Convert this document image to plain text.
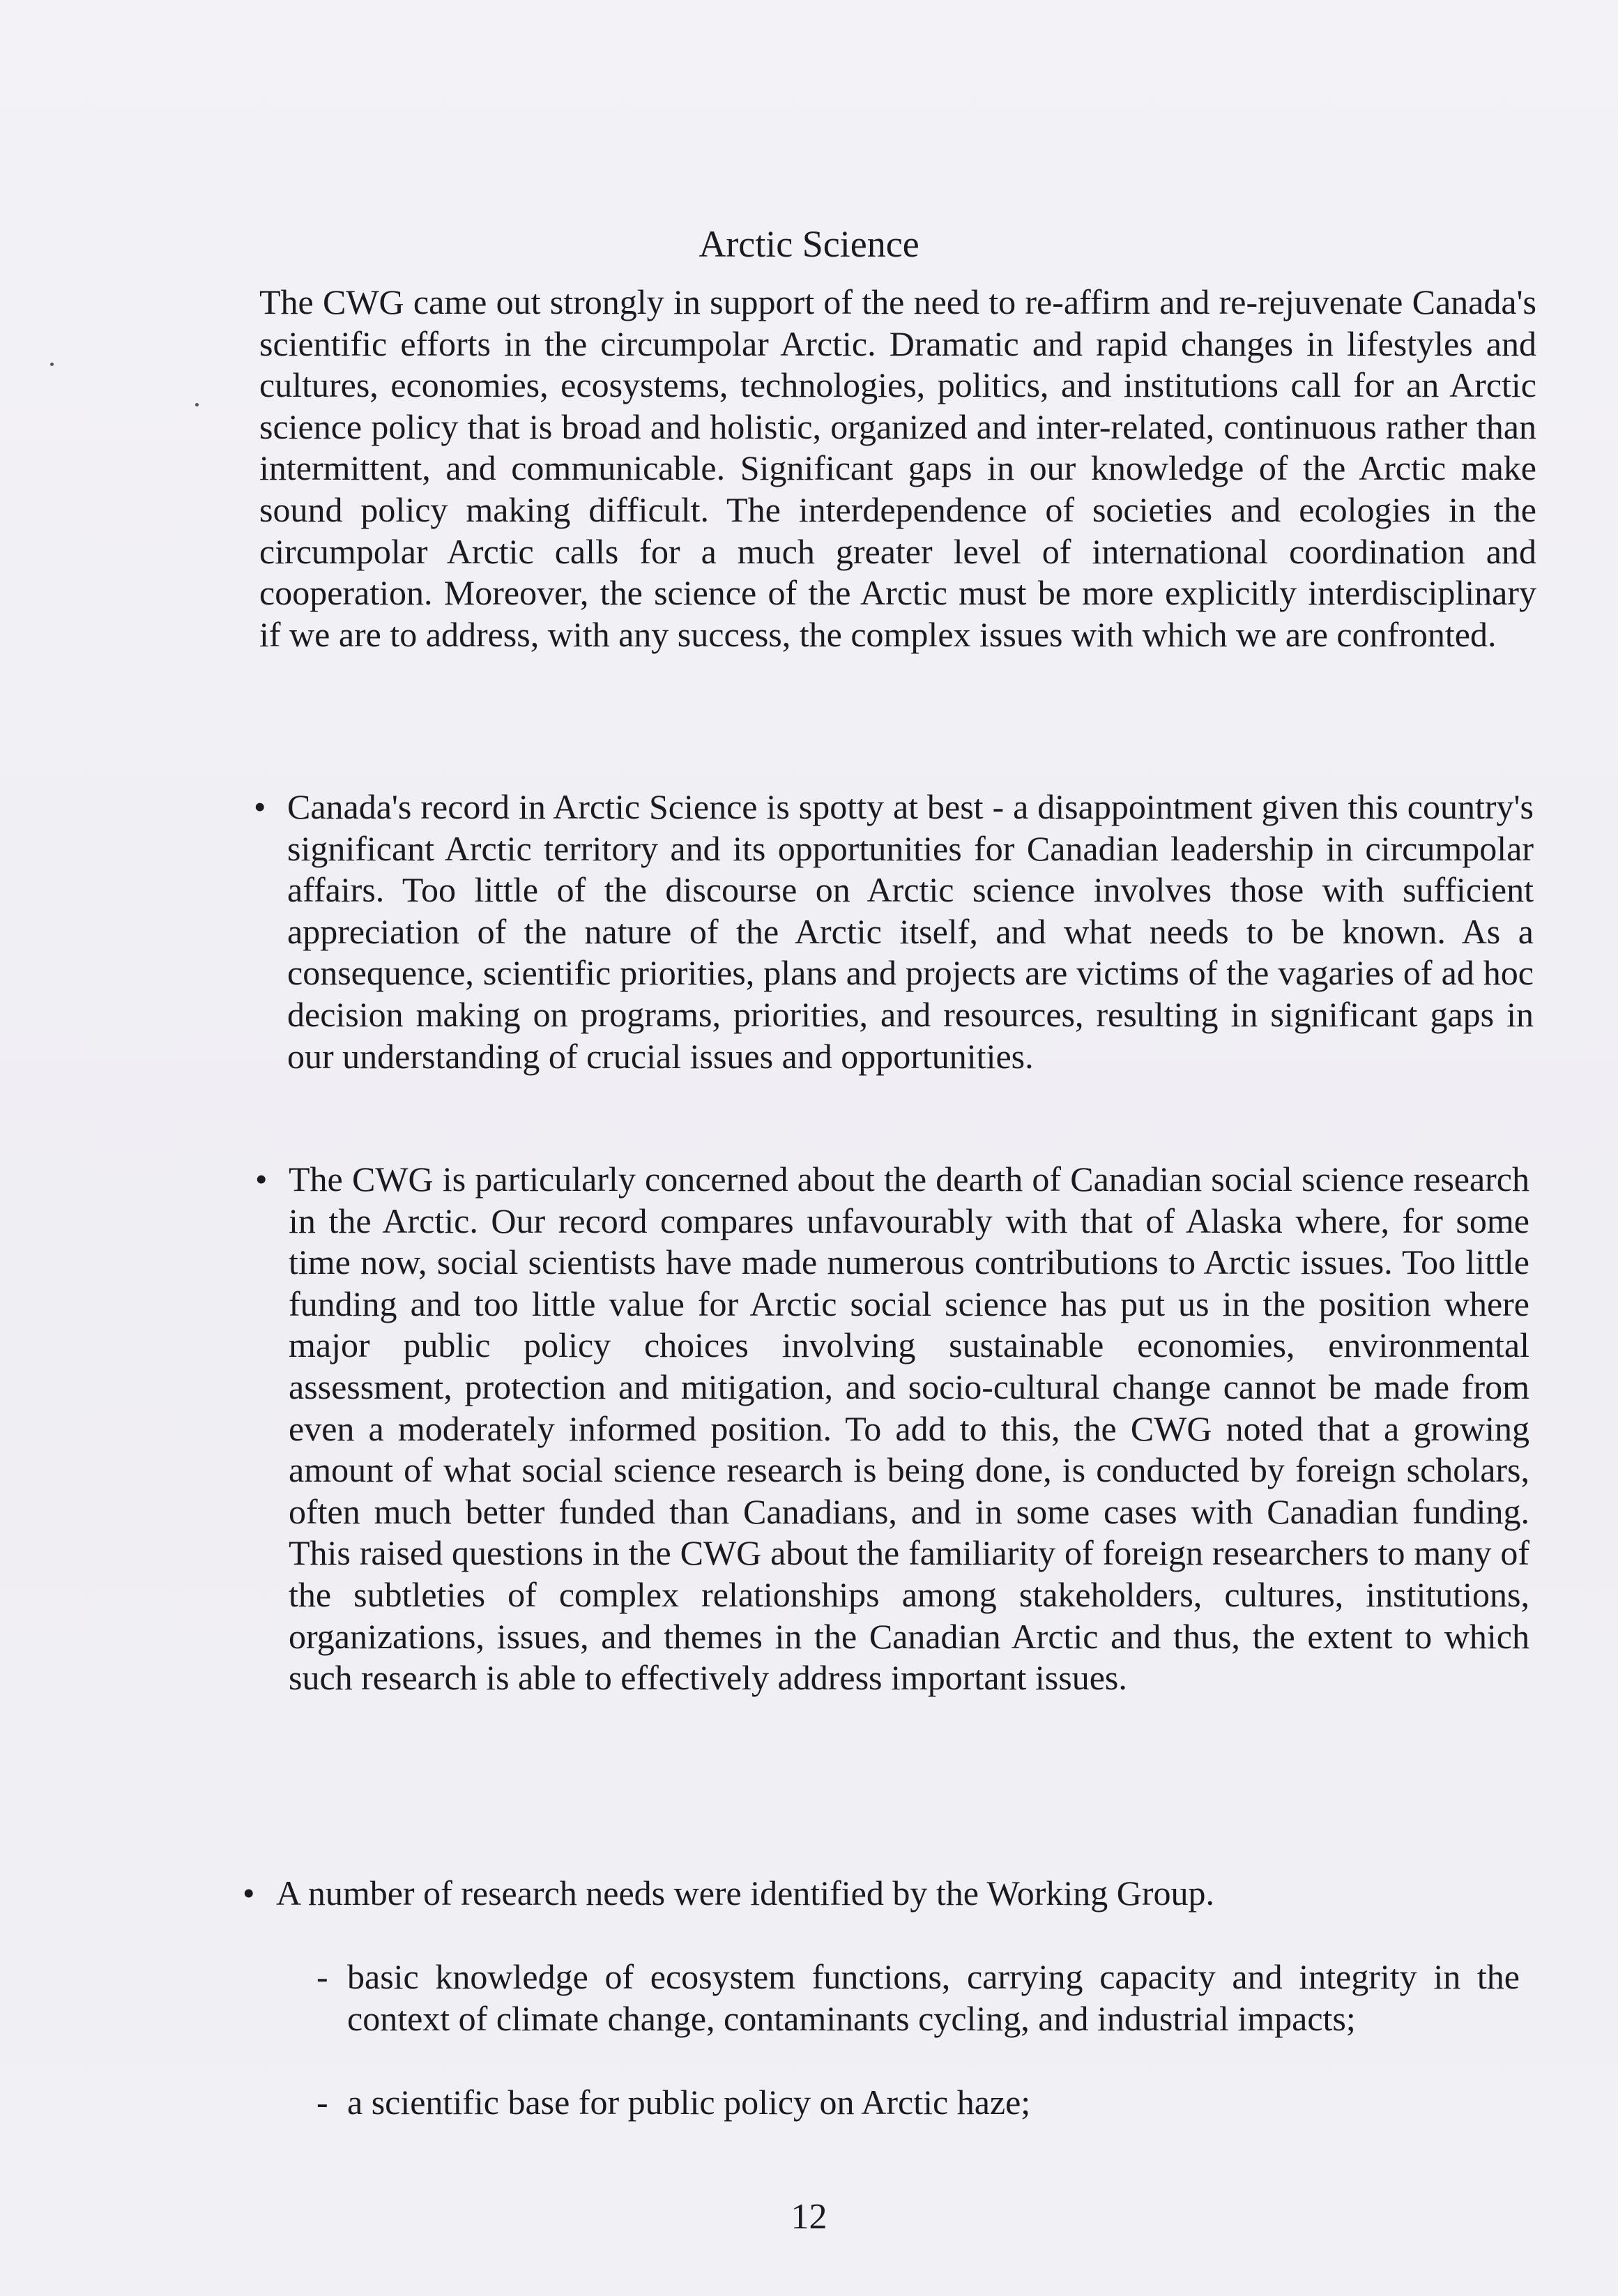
Arctic Science

The CWG came out strongly in support of the need to re-affirm and re-rejuvenate Canada's scientific efforts in the circumpolar Arctic. Dramatic and rapid changes in lifestyles and cultures, economies, ecosystems, technologies, politics, and institutions call for an Arctic science policy that is broad and holistic, organized and inter-related, continuous rather than intermittent, and communicable. Significant gaps in our knowledge of the Arctic make sound policy making difficult. The interdependence of societies and ecologies in the circumpolar Arctic calls for a much greater level of international coordination and cooperation. Moreover, the science of the Arctic must be more explicitly interdisciplinary if we are to address, with any success, the complex issues with which we are confronted.

• Canada's record in Arctic Science is spotty at best - a disappointment given this country's significant Arctic territory and its opportunities for Canadian leadership in circumpolar affairs. Too little of the discourse on Arctic science involves those with sufficient appreciation of the nature of the Arctic itself, and what needs to be known. As a consequence, scientific priorities, plans and projects are victims of the vagaries of ad hoc decision making on programs, priorities, and resources, resulting in significant gaps in our understanding of crucial issues and opportunities.
• The CWG is particularly concerned about the dearth of Canadian social science research in the Arctic. Our record compares unfavourably with that of Alaska where, for some time now, social scientists have made numerous contributions to Arctic issues. Too little funding and too little value for Arctic social science has put us in the position where major public policy choices involving sustainable economies, environmental assessment, protection and mitigation, and socio-cultural change cannot be made from even a moderately informed position. To add to this, the CWG noted that a growing amount of what social science research is being done, is conducted by foreign scholars, often much better funded than Canadians, and in some cases with Canadian funding. This raised questions in the CWG about the familiarity of foreign researchers to many of the subtleties of complex relationships among stakeholders, cultures, institutions, organizations, issues, and themes in the Canadian Arctic and thus, the extent to which such research is able to effectively address important issues.
• A number of research needs were identified by the Working Group.
- basic knowledge of ecosystem functions, carrying capacity and integrity in the context of climate change, contaminants cycling, and industrial impacts;
- a scientific base for public policy on Arctic haze;
12
